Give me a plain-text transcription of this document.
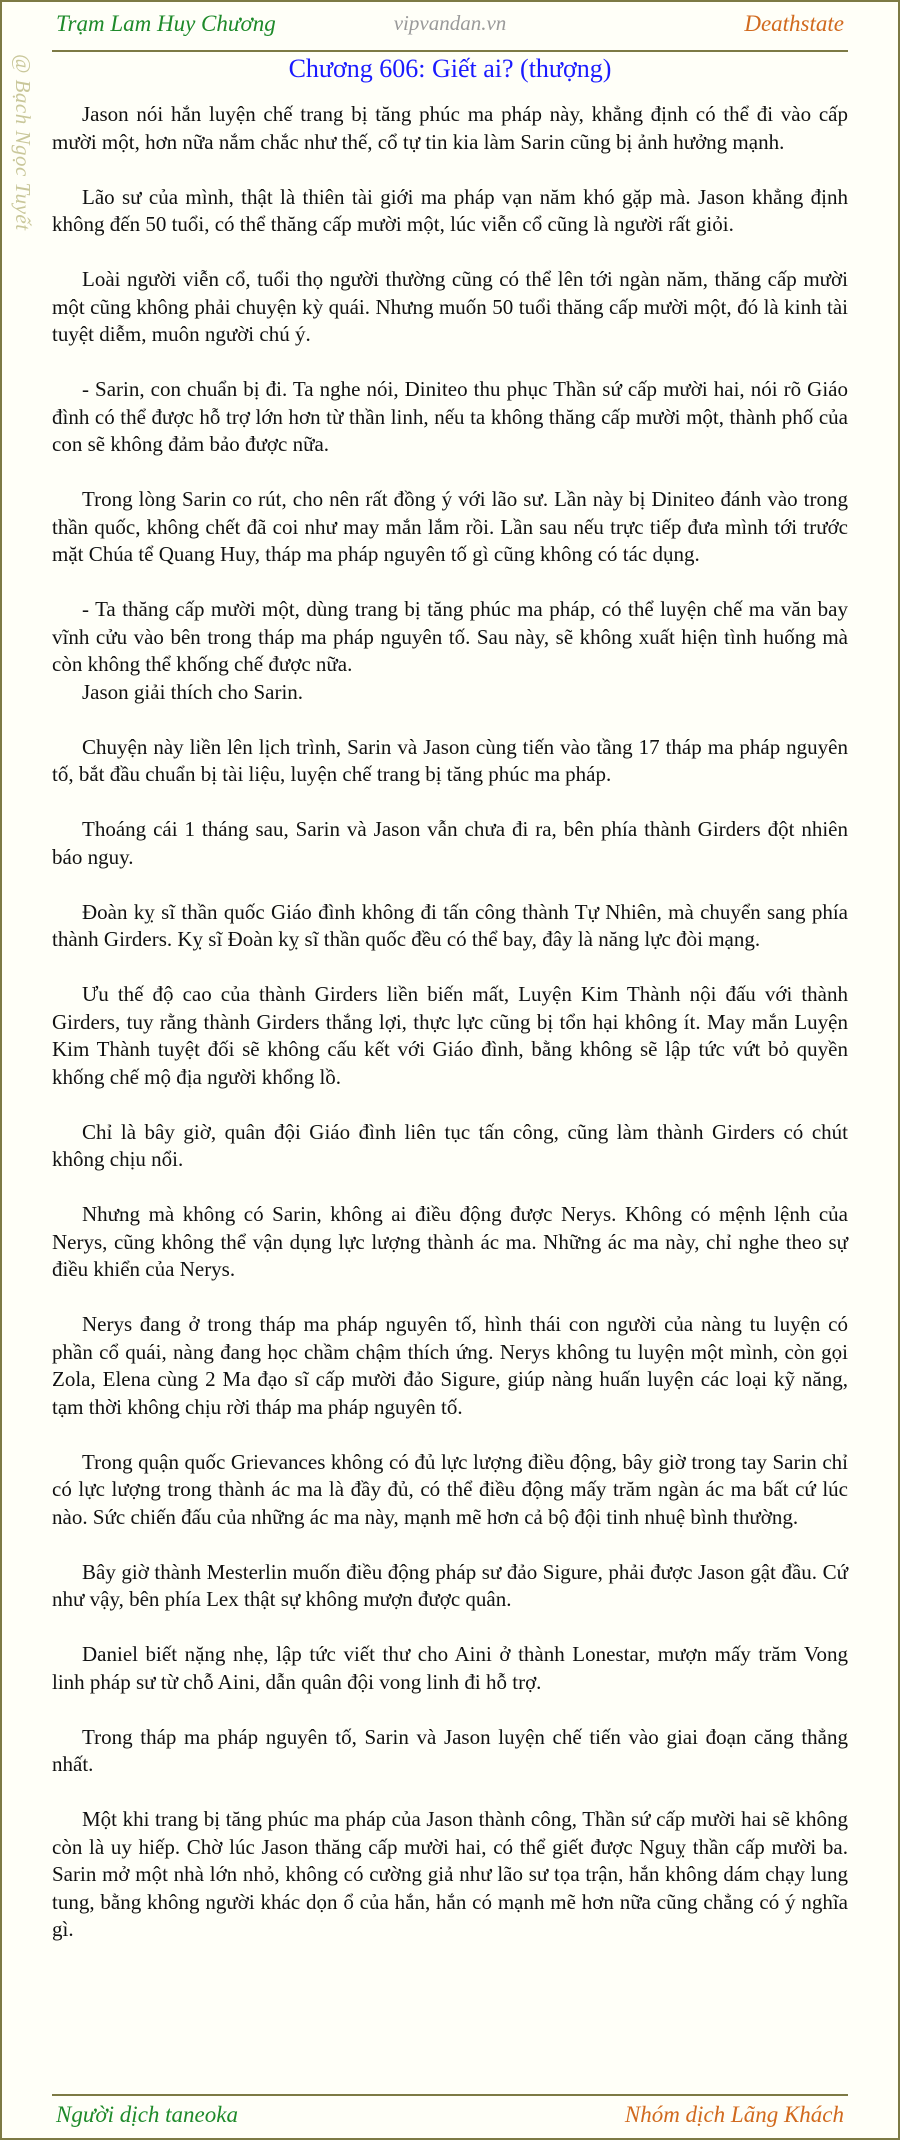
Trạm Lam Huy Chương	vipvandan.vn	Deathstate
@ Bạch Ngọc Tuyết	Chương 606: Giết ai? (thượng)

Jason nói hắn luyện chế trang bị tăng phúc ma pháp này, khẳng định có thể đi vào cấp mười một, hơn nữa nắm chắc như thế, cổ tự tin kia làm Sarin cũng bị ảnh hưởng mạnh.

Lão sư của mình, thật là thiên tài giới ma pháp vạn năm khó gặp mà. Jason khẳng định không đến 50 tuổi, có thể thăng cấp mười một, lúc viễn cổ cũng là người rất giỏi.

Loài người viễn cổ, tuổi thọ người thường cũng có thể lên tới ngàn năm, thăng cấp mười một cũng không phải chuyện kỳ quái. Nhưng muốn 50 tuổi thăng cấp mười một, đó là kinh tài tuyệt diễm, muôn người chú ý.

- Sarin, con chuẩn bị đi. Ta nghe nói, Diniteo thu phục Thần sứ cấp mười hai, nói rõ Giáo đình có thể được hỗ trợ lớn hơn từ thần linh, nếu ta không thăng cấp mười một, thành phố của con sẽ không đảm bảo được nữa.

Trong lòng Sarin co rút, cho nên rất đồng ý với lão sư. Lần này bị Diniteo đánh vào trong thần quốc, không chết đã coi như may mắn lắm rồi. Lần sau nếu trực tiếp đưa mình tới trước mặt Chúa tể Quang Huy, tháp ma pháp nguyên tố gì cũng không có tác dụng.

- Ta thăng cấp mười một, dùng trang bị tăng phúc ma pháp, có thể luyện chế ma văn bay vĩnh cửu vào bên trong tháp ma pháp nguyên tố. Sau này, sẽ không xuất hiện tình huống mà còn không thể khống chế được nữa.

Jason giải thích cho Sarin.

Chuyện này liền lên lịch trình, Sarin và Jason cùng tiến vào tầng 17 tháp ma pháp nguyên tố, bắt đầu chuẩn bị tài liệu, luyện chế trang bị tăng phúc ma pháp.

Thoáng cái 1 tháng sau, Sarin và Jason vẫn chưa đi ra, bên phía thành Girders đột nhiên báo nguy.

Đoàn kỵ sĩ thần quốc Giáo đình không đi tấn công thành Tự Nhiên, mà chuyển sang phía thành Girders. Kỵ sĩ Đoàn kỵ sĩ thần quốc đều có thể bay, đây là năng lực đòi mạng.

Ưu thế độ cao của thành Girders liền biến mất, Luyện Kim Thành nội đấu với thành Girders, tuy rằng thành Girders thắng lợi, thực lực cũng bị tổn hại không ít. May mắn Luyện Kim Thành tuyệt đối sẽ không cấu kết với Giáo đình, bằng không sẽ lập tức vứt bỏ quyền khống chế mộ địa người khổng lồ.

Chỉ là bây giờ, quân đội Giáo đình liên tục tấn công, cũng làm thành Girders có chút không chịu nổi.

Nhưng mà không có Sarin, không ai điều động được Nerys. Không có mệnh lệnh của Nerys, cũng không thể vận dụng lực lượng thành ác ma. Những ác ma này, chỉ nghe theo sự điều khiển của Nerys.

Nerys đang ở trong tháp ma pháp nguyên tố, hình thái con người của nàng tu luyện có phần cổ quái, nàng đang học chầm chậm thích ứng. Nerys không tu luyện một mình, còn gọi Zola, Elena cùng 2 Ma đạo sĩ cấp mười đảo Sigure, giúp nàng huấn luyện các loại kỹ năng, tạm thời không chịu rời tháp ma pháp nguyên tố.

Trong quận quốc Grievances không có đủ lực lượng điều động, bây giờ trong tay Sarin chỉ có lực lượng trong thành ác ma là đầy đủ, có thể điều động mấy trăm ngàn ác ma bất cứ lúc nào. Sức chiến đấu của những ác ma này, mạnh mẽ hơn cả bộ đội tinh nhuệ bình thường.

Bây giờ thành Mesterlin muốn điều động pháp sư đảo Sigure, phải được Jason gật đầu. Cứ như vậy, bên phía Lex thật sự không mượn được quân.

Daniel biết nặng nhẹ, lập tức viết thư cho Aini ở thành Lonestar, mượn mấy trăm Vong linh pháp sư từ chỗ Aini, dẫn quân đội vong linh đi hỗ trợ.

Trong tháp ma pháp nguyên tố, Sarin và Jason luyện chế tiến vào giai đoạn căng thẳng nhất.

Một khi trang bị tăng phúc ma pháp của Jason thành công, Thần sứ cấp mười hai sẽ không còn là uy hiếp. Chờ lúc Jason thăng cấp mười hai, có thể giết được Nguỵ thần cấp mười ba. Sarin mở một nhà lớn nhỏ, không có cường giả như lão sư tọa trận, hắn không dám chạy lung tung, bằng không người khác dọn ổ của hắn, hắn có mạnh mẽ hơn nữa cũng chẳng có ý nghĩa gì.

Người dịch taneoka	Nhóm dịch Lãng Khách
